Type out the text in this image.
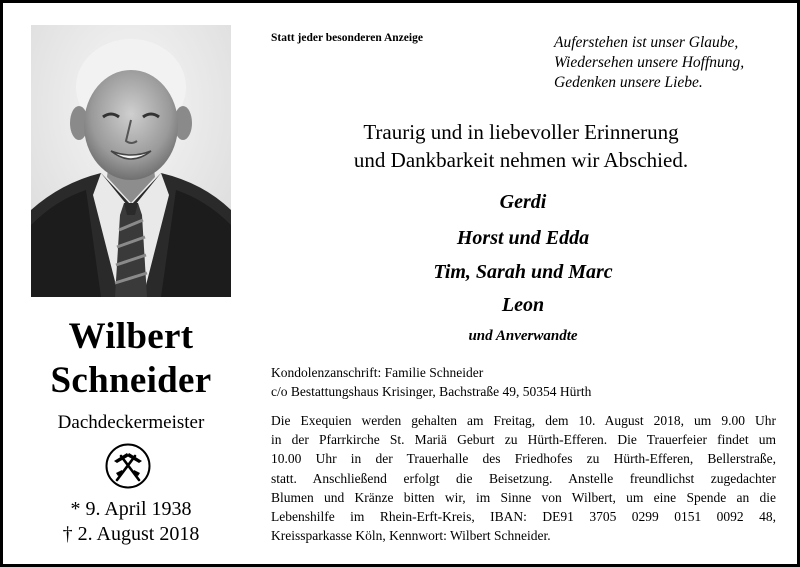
Wilbert
Schneider
Dachdeckermeister
* 9. April 1938
† 2. August 2018
Statt jeder besonderen Anzeige	Auferstehen ist unser Glaube,
Wiedersehen unsere Hoffnung,
Gedenken unsere Liebe.
Traurig und in liebevoller Erinnerung
und Dankbarkeit nehmen wir Abschied.
Gerdi
Horst und Edda
Tim, Sarah und Marc
Leon
und Anverwandte
Kondolenzanschrift: Familie Schneider
c/o Bestattungshaus Krisinger, Bachstraße 49, 50354 Hürth
Die Exequien werden gehalten am Freitag, dem 10. August 2018, um 9.00 Uhr
in der Pfarrkirche St. Mariä Geburt zu Hürth-Efferen. Die Trauerfeier findet um
10.00 Uhr in der Trauerhalle des Friedhofes zu Hürth-Efferen, Bellerstraße,
statt. Anschließend erfolgt die Beisetzung. Anstelle freundlichst zugedachter
Blumen und Kränze bitten wir, im Sinne von Wilbert, um eine Spende an die
Lebenshilfe im Rhein-Erft-Kreis, IBAN: DE91 3705 0299 0151 0092 48,
Kreissparkasse Köln, Kennwort: Wilbert Schneider.
